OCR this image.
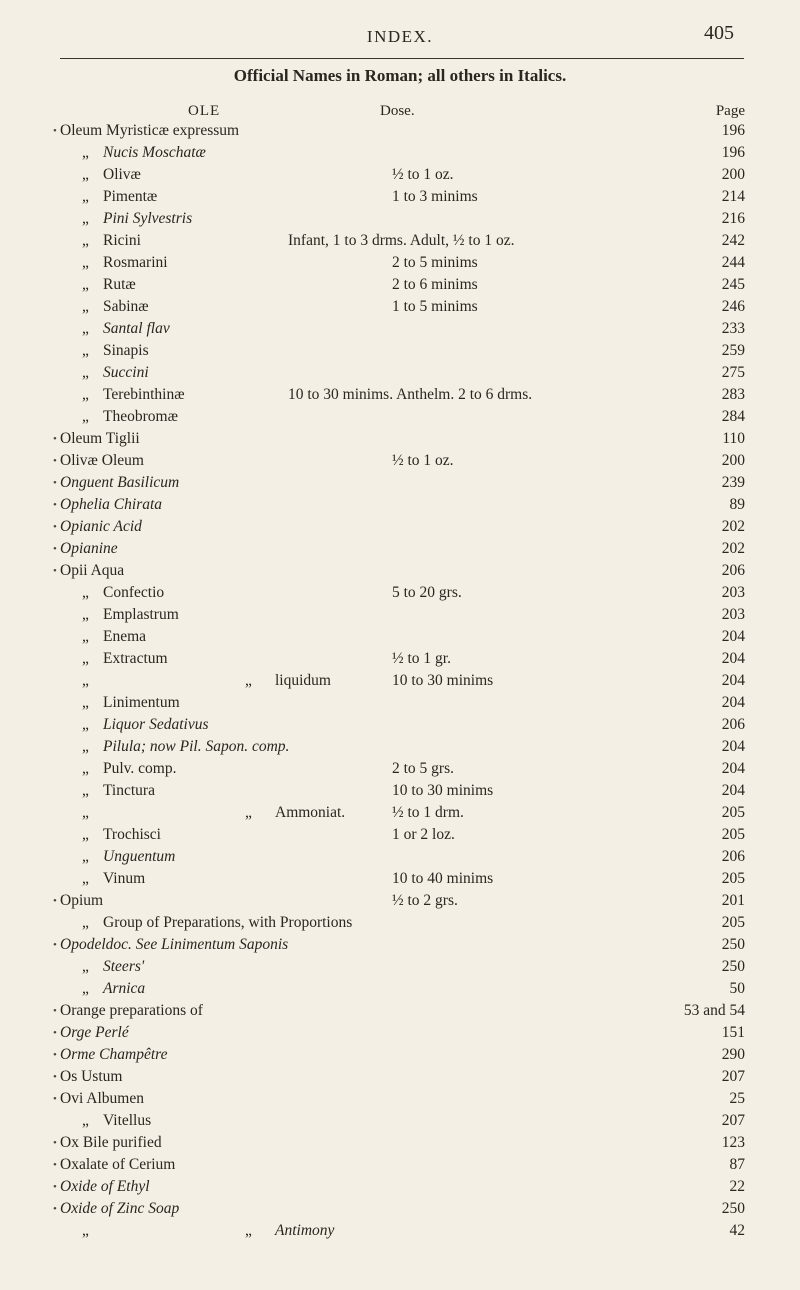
INDEX.	405
Official Names in Roman; all others in Italics.
OLE	Dose.	Page
• Oleum Myristicæ expressum	196
„ Nucis Moschatæ	196
„ Olivæ	½ to 1 oz.	200
„ Pimentæ	1 to 3 minims	214
„ Pini Sylvestris	216
„ Ricini	Infant, 1 to 3 drms. Adult, ½ to 1 oz.	242
„ Rosmarini	2 to 5 minims	244
„ Rutæ	2 to 6 minims	245
„ Sabinæ	1 to 5 minims	246
„ Santal flav	233
„ Sinapis	259
„ Succini	275
„ Terebinthinæ	10 to 30 minims. Anthelm. 2 to 6 drms.	283
„ Theobromæ	284
• Oleum Tiglii	110
• Olivæ Oleum	½ to 1 oz.	200
• Onguent Basilicum	239
• Ophelia Chirata	89
• Opianic Acid	202
• Opianine	202
• Opii Aqua	206
„ Confectio	5 to 20 grs.	203
„ Emplastrum	203
„ Enema	204
„ Extractum	½ to 1 gr.	204
„	„ liquidum	10 to 30 minims	204
„ Linimentum	204
„ Liquor Sedativus	206
„ Pilula; now Pil. Sapon. comp.	204
„ Pulv. comp.	2 to 5 grs.	204
„ Tinctura	10 to 30 minims	204
„	„ Ammoniat.	½ to 1 drm.	205
„ Trochisci	1 or 2 loz.	205
„ Unguentum	206
„ Vinum	10 to 40 minims	205
• Opium	½ to 2 grs.	201
„ Group of Preparations, with Proportions	205
• Opodeldoc. See Linimentum Saponis	250
„ Steers'	250
„ Arnica	50
• Orange preparations of	53 and 54
• Orge Perlé	151
• Orme Champêtre	290
• Os Ustum	207
• Ovi Albumen	25
„ Vitellus	207
• Ox Bile purified	123
• Oxalate of Cerium	87
• Oxide of Ethyl	22
• Oxide of Zinc Soap	250
„	„ Antimony	42
